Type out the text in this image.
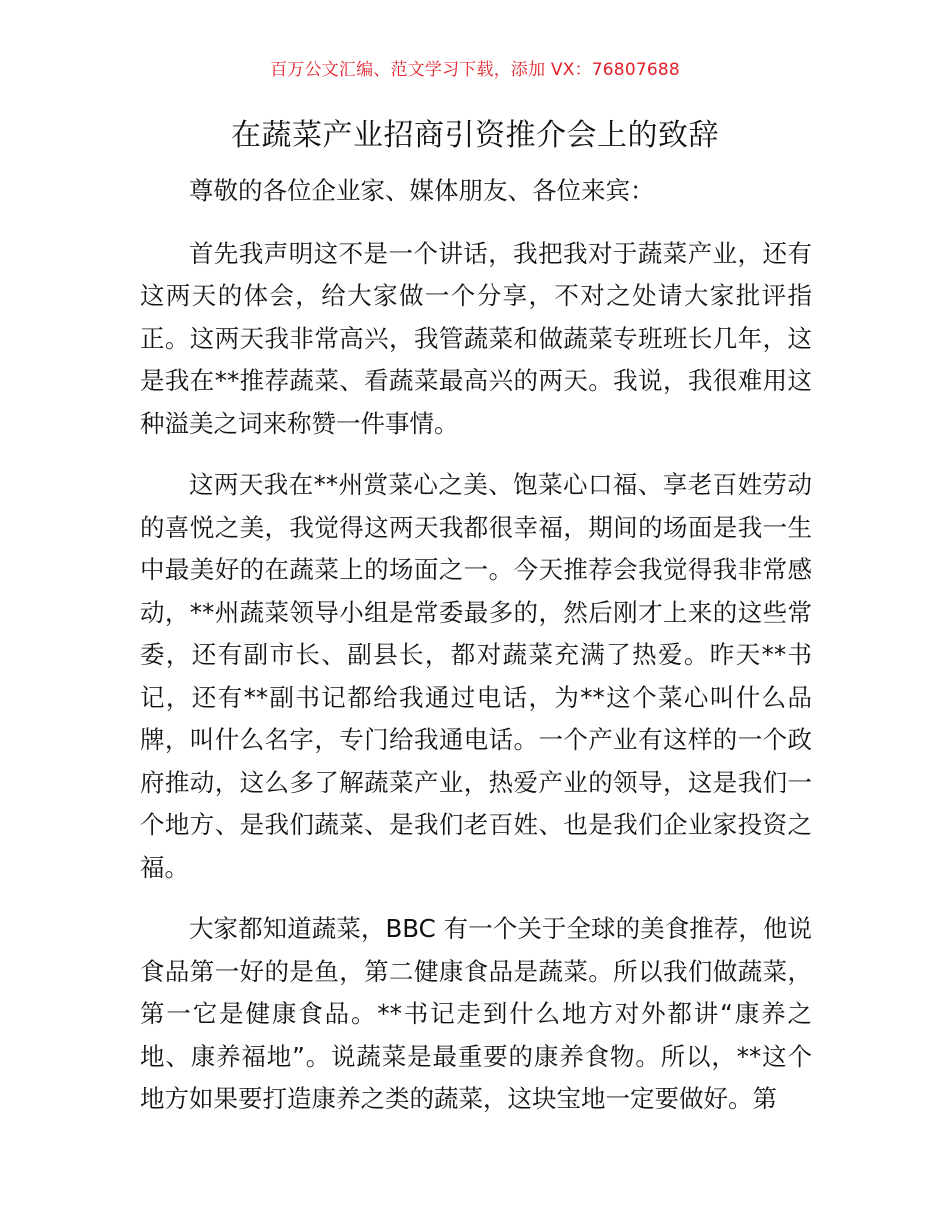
百万公文汇编、范文学习下载，添加 VX：76807688
在蔬菜产业招商引资推介会上的致辞

尊敬的各位企业家、媒体朋友、各位来宾：

首先我声明这不是一个讲话，我把我对于蔬菜产业，还有这两天的体会，给大家做一个分享，不对之处请大家批评指正。这两天我非常高兴，我管蔬菜和做蔬菜专班班长几年，这是我在**推荐蔬菜、看蔬菜最高兴的两天。我说，我很难用这种溢美之词来称赞一件事情。

这两天我在**州赏菜心之美、饱菜心口福、享老百姓劳动的喜悦之美，我觉得这两天我都很幸福，期间的场面是我一生中最美好的在蔬菜上的场面之一。今天推荐会我觉得我非常感动，**州蔬菜领导小组是常委最多的，然后刚才上来的这些常委，还有副市长、副县长，都对蔬菜充满了热爱。昨天**书记，还有**副书记都给我通过电话，为**这个菜心叫什么品牌，叫什么名字，专门给我通电话。一个产业有这样的一个政府推动，这么多了解蔬菜产业，热爱产业的领导，这是我们一个地方、是我们蔬菜、是我们老百姓、也是我们企业家投资之福。

大家都知道蔬菜，BBC 有一个关于全球的美食推荐，他说食品第一好的是鱼，第二健康食品是蔬菜。所以我们做蔬菜，第一它是健康食品。**书记走到什么地方对外都讲“康养之地、康养福地”。说蔬菜是最重要的康养食物。所以，**这个地方如果要打造康养之类的蔬菜，这块宝地一定要做好。第
